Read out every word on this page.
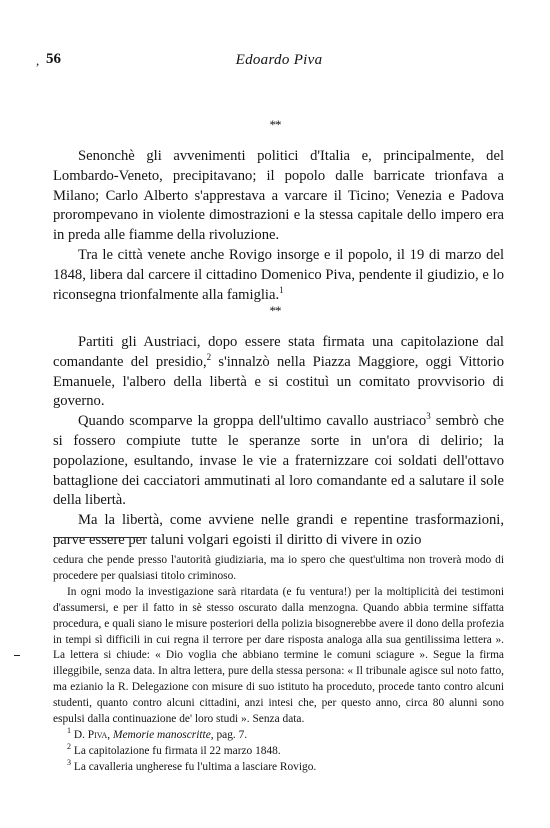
, 56	Edoardo Piva
**

Senonchè gli avvenimenti politici d'Italia e, principalmente, del Lombardo-Veneto, precipitavano; il popolo dalle barricate trionfava a Milano; Carlo Alberto s'apprestava a varcare il Ticino; Venezia e Padova prorompevano in violente dimostrazioni e la stessa capitale dello impero era in preda alle fiamme della rivoluzione.

Tra le città venete anche Rovigo insorge e il popolo, il 19 di marzo del 1848, libera dal carcere il cittadino Domenico Piva, pendente il giudizio, e lo riconsegna trionfalmente alla famiglia.$^1$

**

Partiti gli Austriaci, dopo essere stata firmata una capitolazione dal comandante del presidio,$^2$ s'innalzò nella Piazza Maggiore, oggi Vittorio Emanuele, l'albero della libertà e si costituì un comitato provvisorio di governo.

Quando scomparve la groppa dell'ultimo cavallo austriaco$^3$ sembrò che si fossero compiute tutte le speranze sorte in un'ora di delirio; la popolazione, esultando, invase le vie a fraternizzare coi soldati dell'ottavo battaglione dei cacciatori ammutinati al loro comandante ed a salutare il sole della libertà.

Ma la libertà, come avviene nelle grandi e repentine trasformazioni, parve essere per taluni volgari egoisti il diritto di vivere in ozio

cedura che pende presso l'autorità giudiziaria, ma io spero che quest'ultima non troverà modo di procedere per qualsiasi titolo criminoso.

In ogni modo la investigazione sarà ritardata (e fu ventura!) per la moltiplicità dei testimoni d'assumersi, e per il fatto in sè stesso oscurato dalla menzogna. Quando abbia termine siffatta procedura, e quali siano le misure posteriori della polizia bisognerebbe avere il dono della profezia in tempi sì difficili in cui regna il terrore per dare risposta analoga alla sua gentilissima lettera ». La lettera si chiude: « Dio voglia che abbiano termine le comuni sciagure ». Segue la firma illeggibile, senza data. In altra lettera, pure della stessa persona: « Il tribunale agisce sul noto fatto, ma ezianio la R. Delegazione con misure di suo istituto ha proceduto, procede tanto contro alcuni studenti, quanto contro alcuni cittadini, anzi intesi che, per questo anno, circa 80 alunni sono espulsi dalla continuazione de' loro studi ». Senza data.

$^1$ D. Piva, Memorie manoscritte, pag. 7.

$^2$ La capitolazione fu firmata il 22 marzo 1848.

$^3$ La cavalleria ungherese fu l'ultima a lasciare Rovigo.
